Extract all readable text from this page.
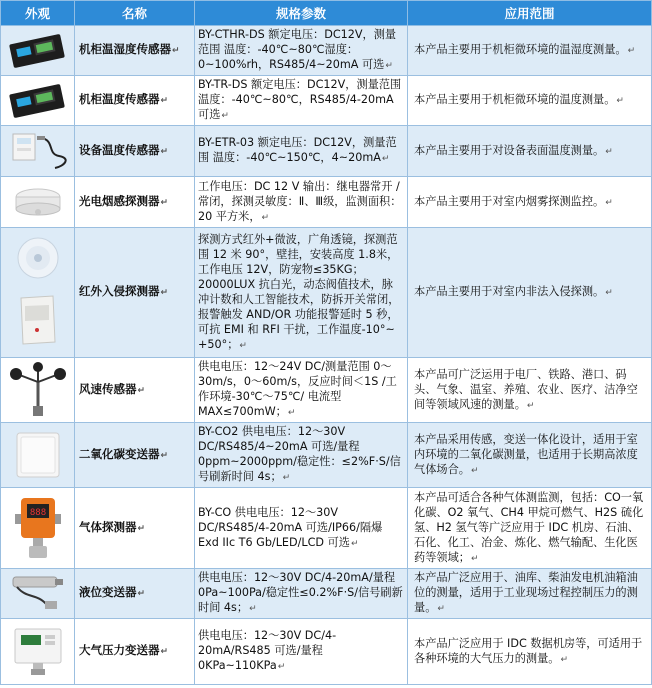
外观	名称	规格参数	应用范围

	机柜温湿度传感器↵	BY-CTHR-DS 额定电压：DC12V，测量范围 温度：-40℃~80℃湿度：0~100%rh，RS485/4~20mA 可选↵	本产品主要用于机柜微环境的温湿度测量。↵

	机柜温度传感器↵	BY-TR-DS 额定电压：DC12V，测量范围 温度：-40℃~80℃，RS485/4-20mA 可选↵	本产品主要用于机柜微环境的温度测量。↵

	设备温度传感器↵	BY-ETR-03 额定电压：DC12V，测量范围 温度：-40℃~150℃，4~20mA↵	本产品主要用于对设备表面温度测量。↵

	光电烟感探测器↵	工作电压：DC 12 V 输出：继电器常开 / 常闭，探测灵敏度：Ⅱ、Ⅲ级，监测面积：20 平方米，↵	本产品主要用于对室内烟雾探测监控。↵

	红外入侵探测器↵	探测方式红外+微波，广角透镜，探测范围 12 米 90°，壁挂，安装高度 1.8米，工作电压 12V，防宠物≤35KG；20000LUX 抗白光，动态阀值技术，脉冲计数和人工智能技术，防拆开关常闭，报警触发 AND/OR 功能报警延时 5 秒，可抗 EMI 和 RFI 干扰，工作温度-10°~ +50°；↵	本产品主要用于对室内非法入侵探测。↵

	风速传感器↵	供电电压：12～24V DC/测量范围 0～30m/s，0～60m/s，反应时间＜1S /工作环境-30℃～75℃/ 电流型 MAX≤700mW；↵	本产品可广泛运用于电厂、铁路、港口、码头、气象、温室、养殖、农业、医疗、洁净空间等领域风速的测量。↵

	二氧化碳变送器↵	BY-CO2 供电电压：12～30V DC/RS485/4~20mA 可选/量程 0ppm~2000ppm/稳定性：≤2%F·S/信号刷新时间 4s；↵	本产品采用传感，变送一体化设计，适用于室内环境的二氧化碳测量，也适用于长期高浓度气体场合。↵

888	气体探测器↵	BY-CO 供电电压：12～30V DC/RS485/4-20mA 可选/IP66/隔爆 Exd IIc T6 Gb/LED/LCD 可选↵	本产品可适合各种气体测监测，包括：CO一氧化碳、O2 氧气、CH4 甲烷可燃气、H2S 硫化氢、H2 氢气等广泛应用于 IDC 机房、石油、石化、化工、冶金、炼化、燃气输配、生化医药等领域；↵

	液位变送器↵	供电电压：12～30V DC/4-20mA/量程 0Pa~100Pa/稳定性≤0.2%F·S/信号刷新时间 4s；↵	本产品广泛应用于、油库、柴油发电机油箱油位的测量，适用于工业现场过程控制压力的测量。↵

	大气压力变送器↵	供电电压：12～30V DC/4-20mA/RS485 可选/量程 0KPa~110KPa↵	本产品广泛应用于 IDC 数据机房等，可适用于各种环境的大气压力的测量。↵
